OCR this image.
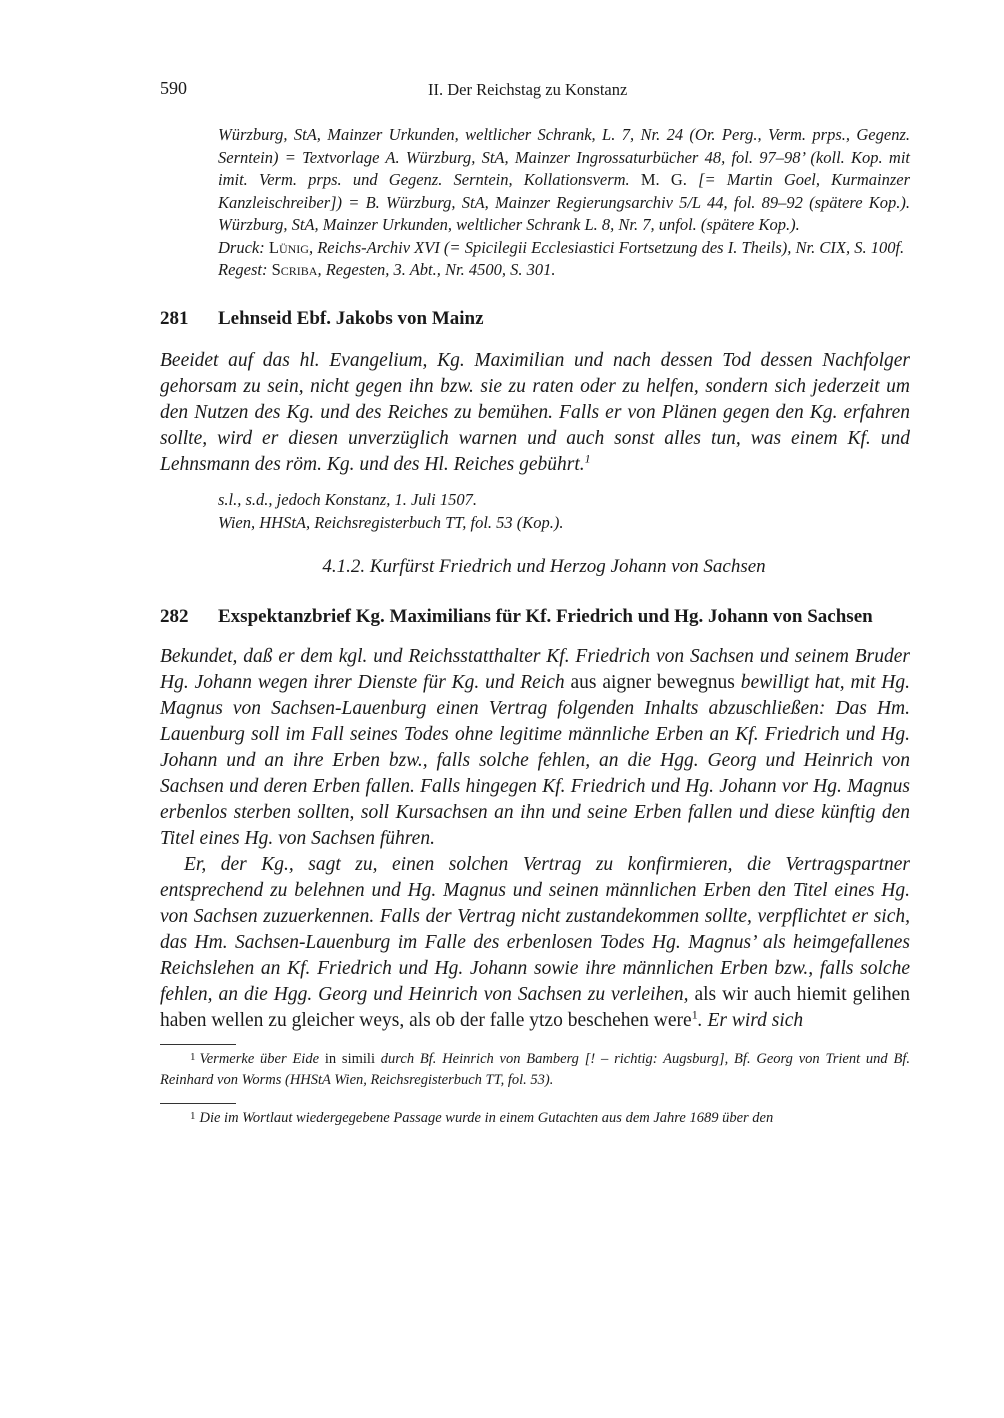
590	II. Der Reichstag zu Konstanz

Würzburg, StA, Mainzer Urkunden, weltlicher Schrank, L. 7, Nr. 24 (Or. Perg., Verm. prps., Gegenz. Serntein) = Textvorlage A. Würzburg, StA, Mainzer Ingrossaturbücher 48, fol. 97–98’ (koll. Kop. mit imit. Verm. prps. und Gegenz. Serntein, Kollationsverm. M. G. [= Martin Goel, Kurmainzer Kanzleischreiber]) = B. Würzburg, StA, Mainzer Regierungsarchiv 5/L 44, fol. 89–92 (spätere Kop.). Würzburg, StA, Mainzer Urkunden, weltlicher Schrank L. 8, Nr. 7, unfol. (spätere Kop.).

Druck: Lünig, Reichs-Archiv XVI (= Spicilegii Ecclesiastici Fortsetzung des I. Theils), Nr. CIX, S. 100f.

Regest: Scriba, Regesten, 3. Abt., Nr. 4500, S. 301.

281	Lehnseid Ebf. Jakobs von Mainz

Beeidet auf das hl. Evangelium, Kg. Maximilian und nach dessen Tod dessen Nachfolger gehorsam zu sein, nicht gegen ihn bzw. sie zu raten oder zu helfen, sondern sich jederzeit um den Nutzen des Kg. und des Reiches zu bemühen. Falls er von Plänen gegen den Kg. erfahren sollte, wird er diesen unverzüglich warnen und auch sonst alles tun, was einem Kf. und Lehnsmann des röm. Kg. und des Hl. Reiches gebührt.$^1$

s.l., s.d., jedoch Konstanz, 1. Juli 1507.

Wien, HHStA, Reichsregisterbuch TT, fol. 53 (Kop.).

4.1.2. Kurfürst Friedrich und Herzog Johann von Sachsen
282	Exspektanzbrief Kg. Maximilians für Kf. Friedrich und Hg. Johann von Sachsen

Bekundet, daß er dem kgl. und Reichsstatthalter Kf. Friedrich von Sachsen und seinem Bruder Hg. Johann wegen ihrer Dienste für Kg. und Reich aus aigner bewegnus bewilligt hat, mit Hg. Magnus von Sachsen-Lauenburg einen Vertrag folgenden Inhalts abzuschließen: Das Hm. Lauenburg soll im Fall seines Todes ohne legitime männliche Erben an Kf. Friedrich und Hg. Johann und an ihre Erben bzw., falls solche fehlen, an die Hgg. Georg und Heinrich von Sachsen und deren Erben fallen. Falls hingegen Kf. Friedrich und Hg. Johann vor Hg. Magnus erbenlos sterben sollten, soll Kursachsen an ihn und seine Erben fallen und diese künftig den Titel eines Hg. von Sachsen führen.

Er, der Kg., sagt zu, einen solchen Vertrag zu konfirmieren, die Vertragspartner entsprechend zu belehnen und Hg. Magnus und seinen männlichen Erben den Titel eines Hg. von Sachsen zuzuerkennen. Falls der Vertrag nicht zustandekommen sollte, verpflichtet er sich, das Hm. Sachsen-Lauenburg im Falle des erbenlosen Todes Hg. Magnus’ als heimgefallenes Reichslehen an Kf. Friedrich und Hg. Johann sowie ihre männlichen Erben bzw., falls solche fehlen, an die Hgg. Georg und Heinrich von Sachsen zu verleihen, als wir auch hiemit gelihen haben wellen zu gleicher weys, als ob der falle ytzo beschehen were$^1$. Er wird sich

$^1$ Vermerke über Eide in simili durch Bf. Heinrich von Bamberg [! – richtig: Augsburg], Bf. Georg von Trient und Bf. Reinhard von Worms (HHStA Wien, Reichsregisterbuch TT, fol. 53).

$^1$ Die im Wortlaut wiedergegebene Passage wurde in einem Gutachten aus dem Jahre 1689 über den
